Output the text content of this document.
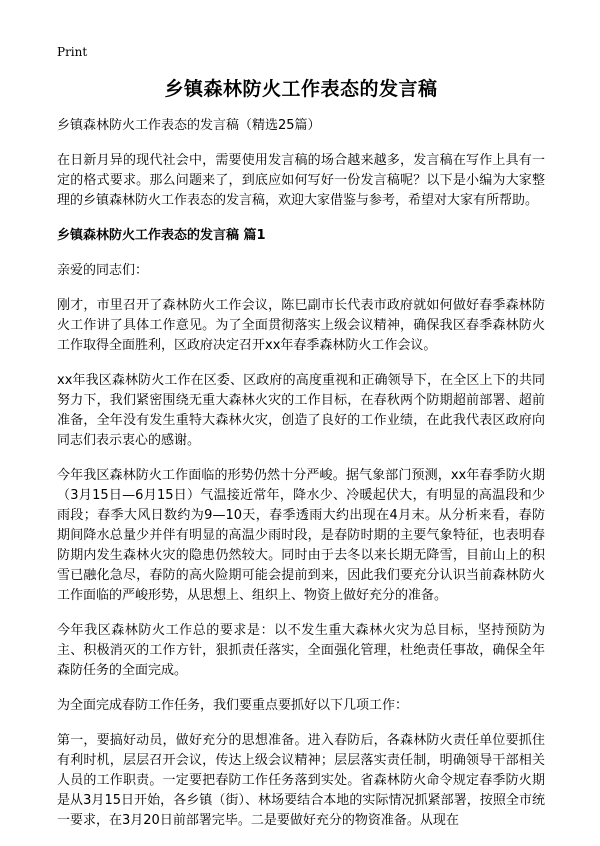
Print
乡镇森林防火工作表态的发言稿

乡镇森林防火工作表态的发言稿（精选25篇）

在日新月异的现代社会中，需要使用发言稿的场合越来越多，发言稿在写作上具有一定的格式要求。那么问题来了，到底应如何写好一份发言稿呢？以下是小编为大家整理的乡镇森林防火工作表态的发言稿，欢迎大家借鉴与参考，希望对大家有所帮助。

乡镇森林防火工作表态的发言稿 篇1

亲爱的同志们：

刚才，市里召开了森林防火工作会议，陈巳副市长代表市政府就如何做好春季森林防火工作讲了具体工作意见。为了全面贯彻落实上级会议精神，确保我区春季森林防火工作取得全面胜利，区政府决定召开xx年春季森林防火工作会议。

xx年我区森林防火工作在区委、区政府的高度重视和正确领导下，在全区上下的共同努力下，我们紧密围绕无重大森林火灾的工作目标，在春秋两个防期超前部署、超前准备，全年没有发生重特大森林火灾，创造了良好的工作业绩，在此我代表区政府向同志们表示衷心的感谢。

今年我区森林防火工作面临的形势仍然十分严峻。据气象部门预测，xx年春季防火期（3月15日—6月15日）气温接近常年，降水少、冷暖起伏大，有明显的高温段和少雨段；春季大风日数约为9—10天，春季透雨大约出现在4月末。从分析来看，春防期间降水总量少并伴有明显的高温少雨时段，是春防时期的主要气象特征，也表明春防期内发生森林火灾的隐患仍然较大。同时由于去冬以来长期无降雪，目前山上的积雪已融化急尽，春防的高火险期可能会提前到来，因此我们要充分认识当前森林防火工作面临的严峻形势，从思想上、组织上、物资上做好充分的准备。

今年我区森林防火工作总的要求是：以不发生重大森林火灾为总目标，坚持预防为主、积极消灭的工作方针，狠抓责任落实，全面强化管理，杜绝责任事故，确保全年森防任务的全面完成。

为全面完成春防工作任务，我们要重点要抓好以下几项工作：

第一，要搞好动员，做好充分的思想准备。进入春防后，各森林防火责任单位要抓住有利时机，层层召开会议，传达上级会议精神；层层落实责任制，明确领导干部相关人员的工作职责。一定要把春防工作任务落到实处。省森林防火命令规定春季防火期是从3月15日开始，各乡镇（街）、林场要结合本地的实际情况抓紧部署，按照全市统一要求，在3月20日前部署完毕。二是要做好充分的物资准备。从现在
